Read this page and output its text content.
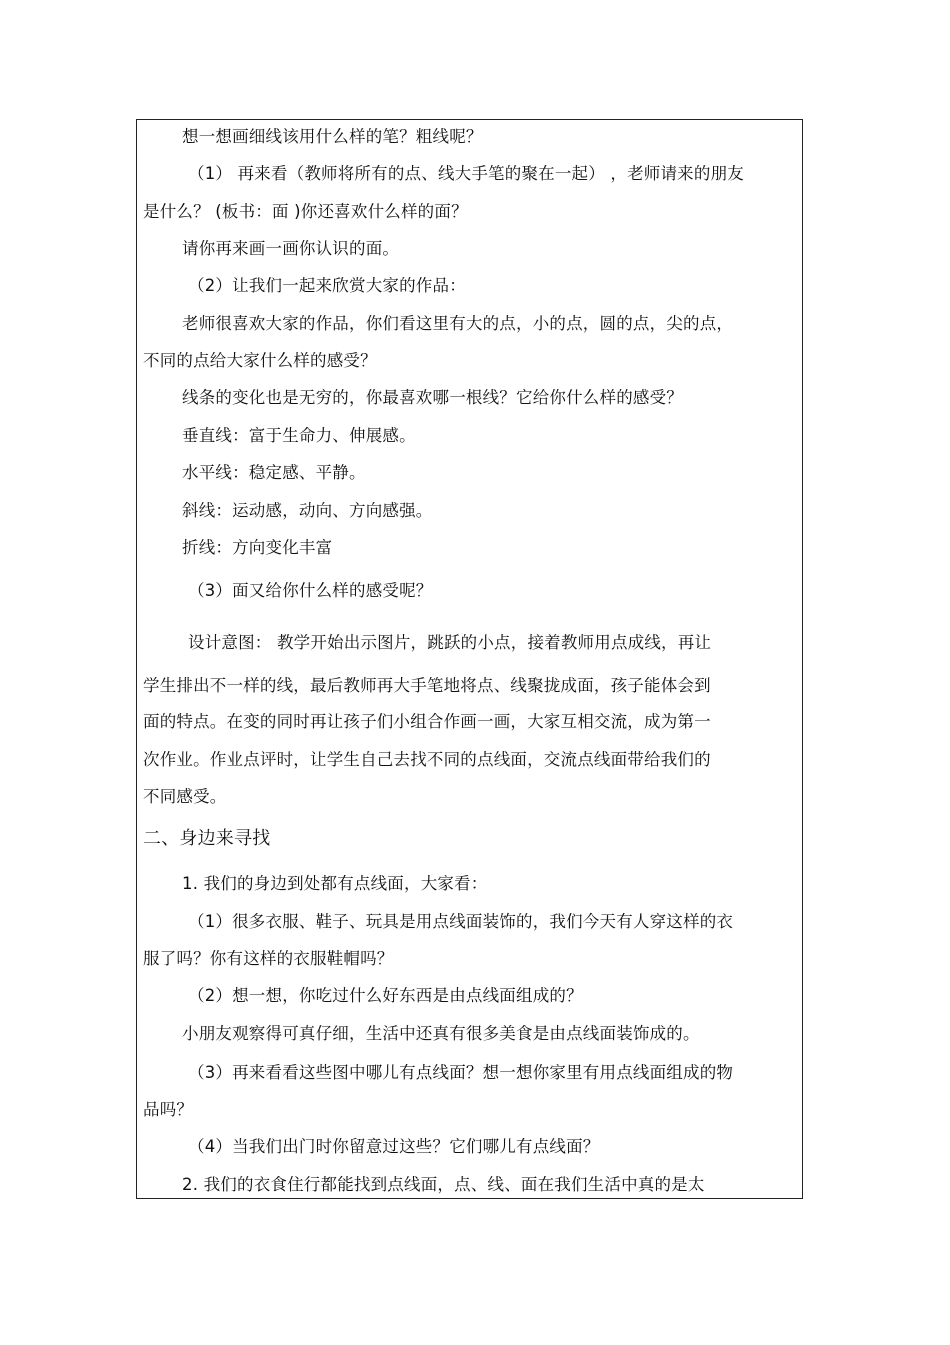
想一想画细线该用什么样的笔？粗线呢？
（1） 再来看（教师将所有的点、线大手笔的聚在一起） ，老师请来的朋友
是什么？ (板书：面 )你还喜欢什么样的面？
请你再来画一画你认识的面。
（2）让我们一起来欣赏大家的作品：
老师很喜欢大家的作品，你们看这里有大的点，小的点，圆的点，尖的点，
不同的点给大家什么样的感受？
线条的变化也是无穷的，你最喜欢哪一根线？它给你什么样的感受？
垂直线：富于生命力、伸展感。
水平线：稳定感、平静。
斜线：运动感，动向、方向感强。
折线：方向变化丰富
（3）面又给你什么样的感受呢？
设计意图： 教学开始出示图片，跳跃的小点，接着教师用点成线，再让
学生排出不一样的线，最后教师再大手笔地将点、线聚拢成面，孩子能体会到
面的特点。在变的同时再让孩子们小组合作画一画，大家互相交流，成为第一
次作业。作业点评时，让学生自己去找不同的点线面，交流点线面带给我们的
不同感受。
二、身边来寻找
1. 我们的身边到处都有点线面，大家看：
（1）很多衣服、鞋子、玩具是用点线面装饰的，我们今天有人穿这样的衣
服了吗？你有这样的衣服鞋帽吗？
（2）想一想，你吃过什么好东西是由点线面组成的？
小朋友观察得可真仔细，生活中还真有很多美食是由点线面装饰成的。
（3）再来看看这些图中哪儿有点线面？想一想你家里有用点线面组成的物
品吗？
（4）当我们出门时你留意过这些？它们哪儿有点线面？
2. 我们的衣食住行都能找到点线面，点、线、面在我们生活中真的是太
